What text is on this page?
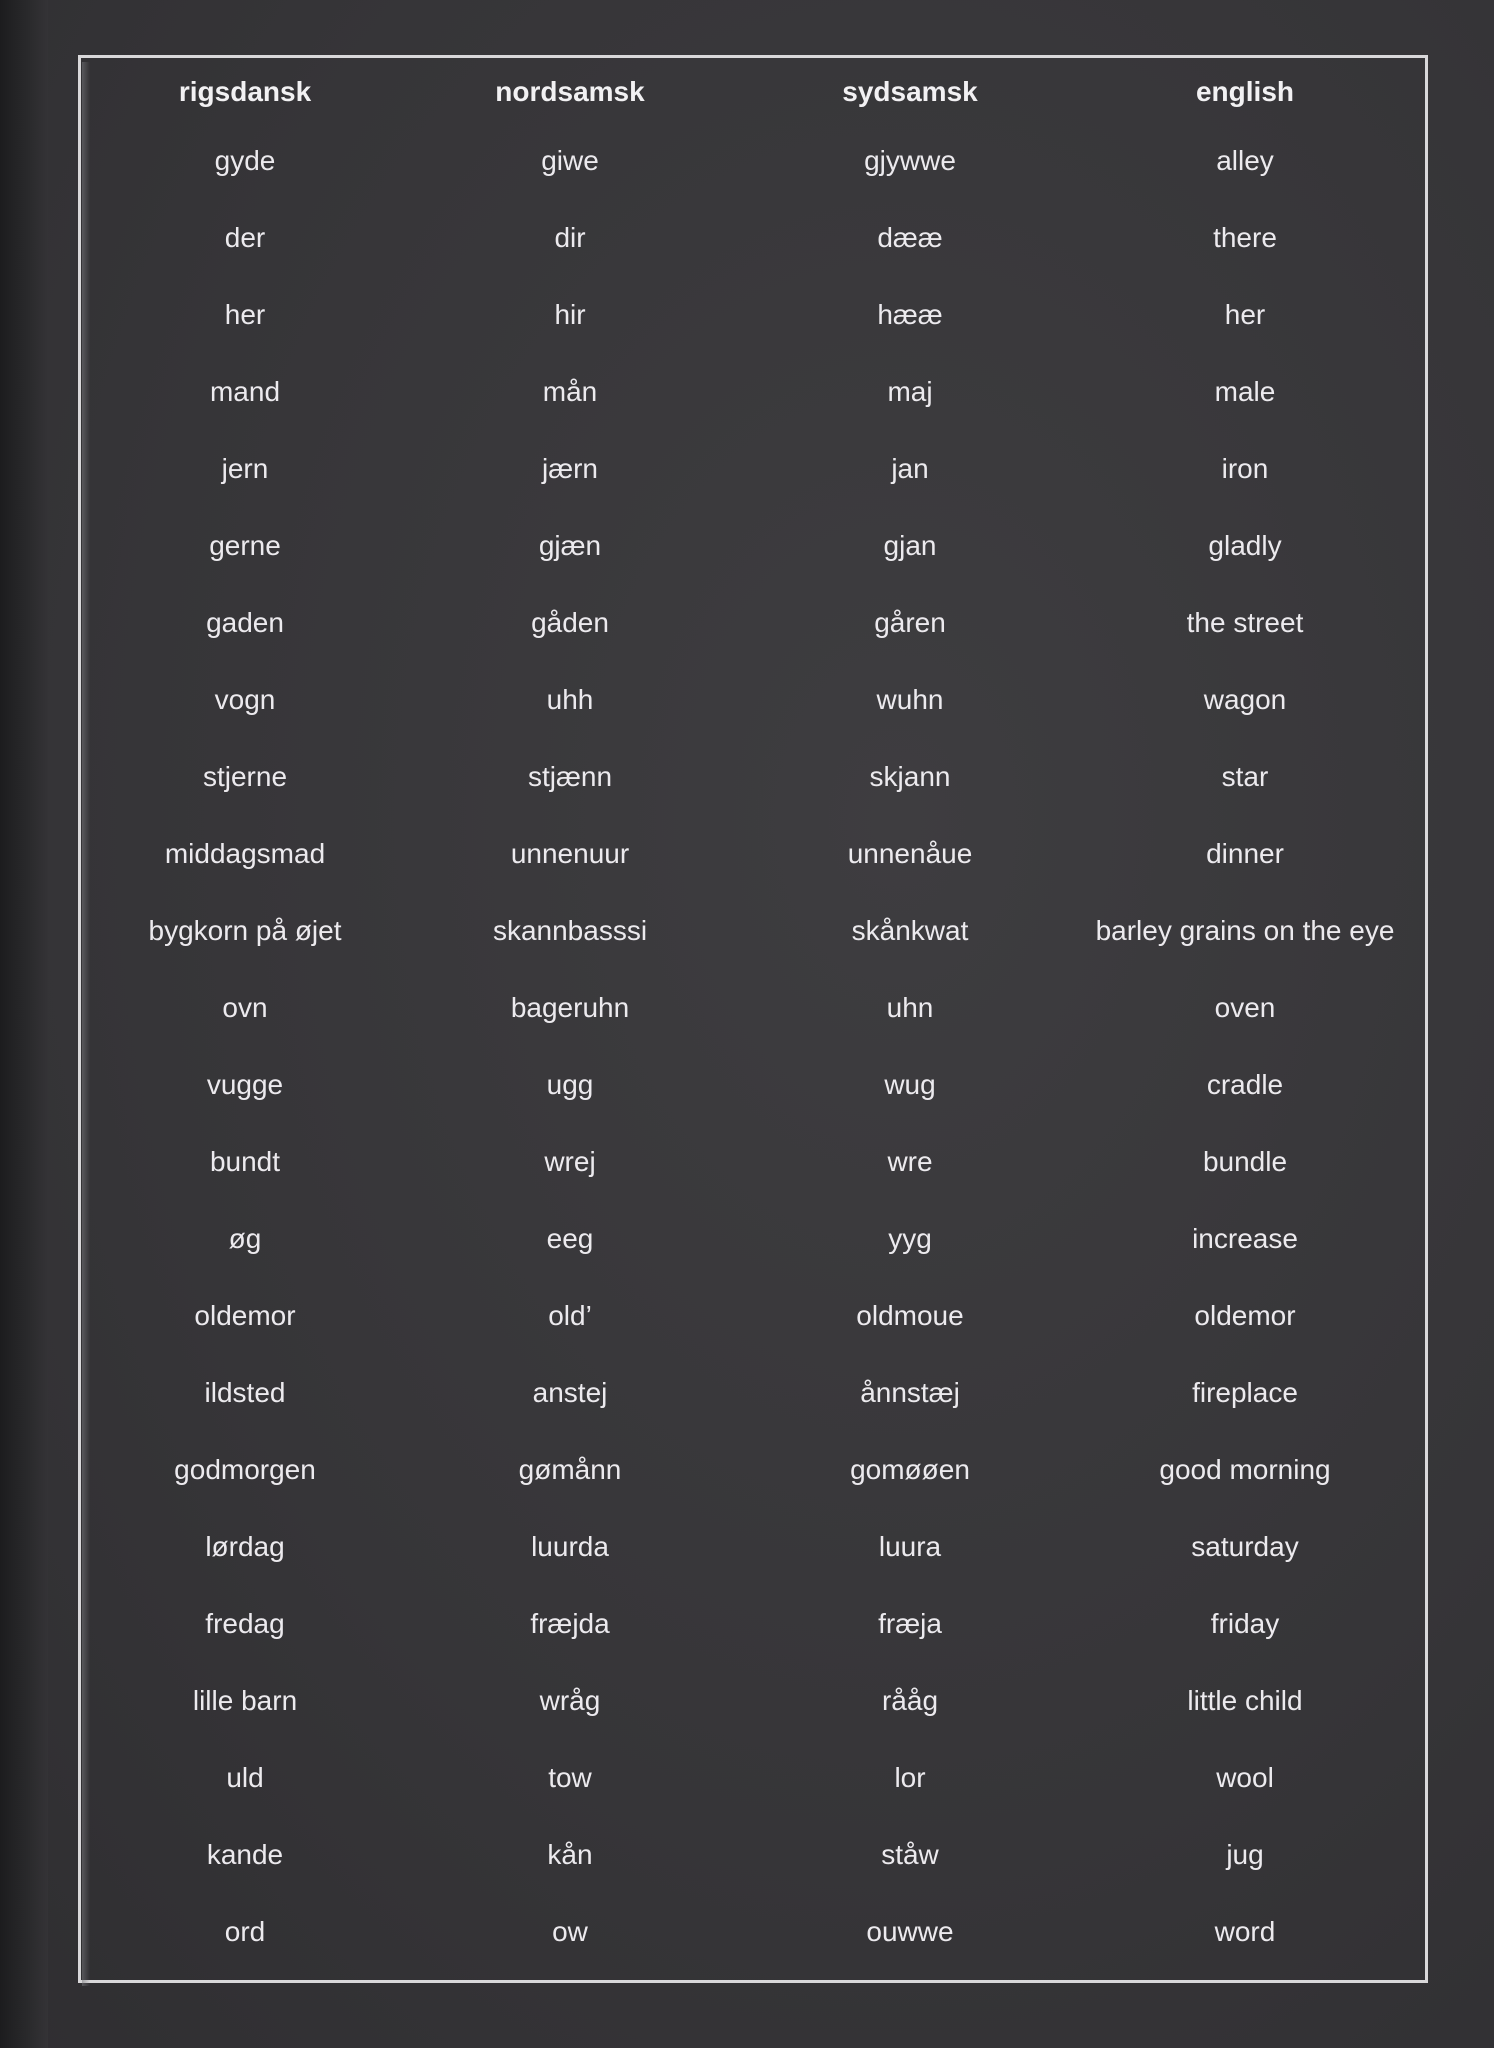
rigsdansk	nordsamsk	sydsamsk	english
gyde	giwe	gjywwe	alley
der	dir	dææ	there
her	hir	hææ	her
mand	mån	maj	male
jern	jærn	jan	iron
gerne	gjæn	gjan	gladly
gaden	gåden	gåren	the street
vogn	uhh	wuhn	wagon
stjerne	stjænn	skjann	star
middagsmad	unnenuur	unnenåue	dinner
bygkorn på øjet	skannbasssi	skånkwat	barley grains on the eye
ovn	bageruhn	uhn	oven
vugge	ugg	wug	cradle
bundt	wrej	wre	bundle
øg	eeg	yyg	increase
oldemor	old’	oldmoue	oldemor
ildsted	anstej	ånnstæj	fireplace
godmorgen	gømånn	gomøøen	good morning
lørdag	luurda	luura	saturday
fredag	fræjda	fræja	friday
lille barn	wråg	rååg	little child
uld	tow	lor	wool
kande	kån	ståw	jug
ord	ow	ouwwe	word
